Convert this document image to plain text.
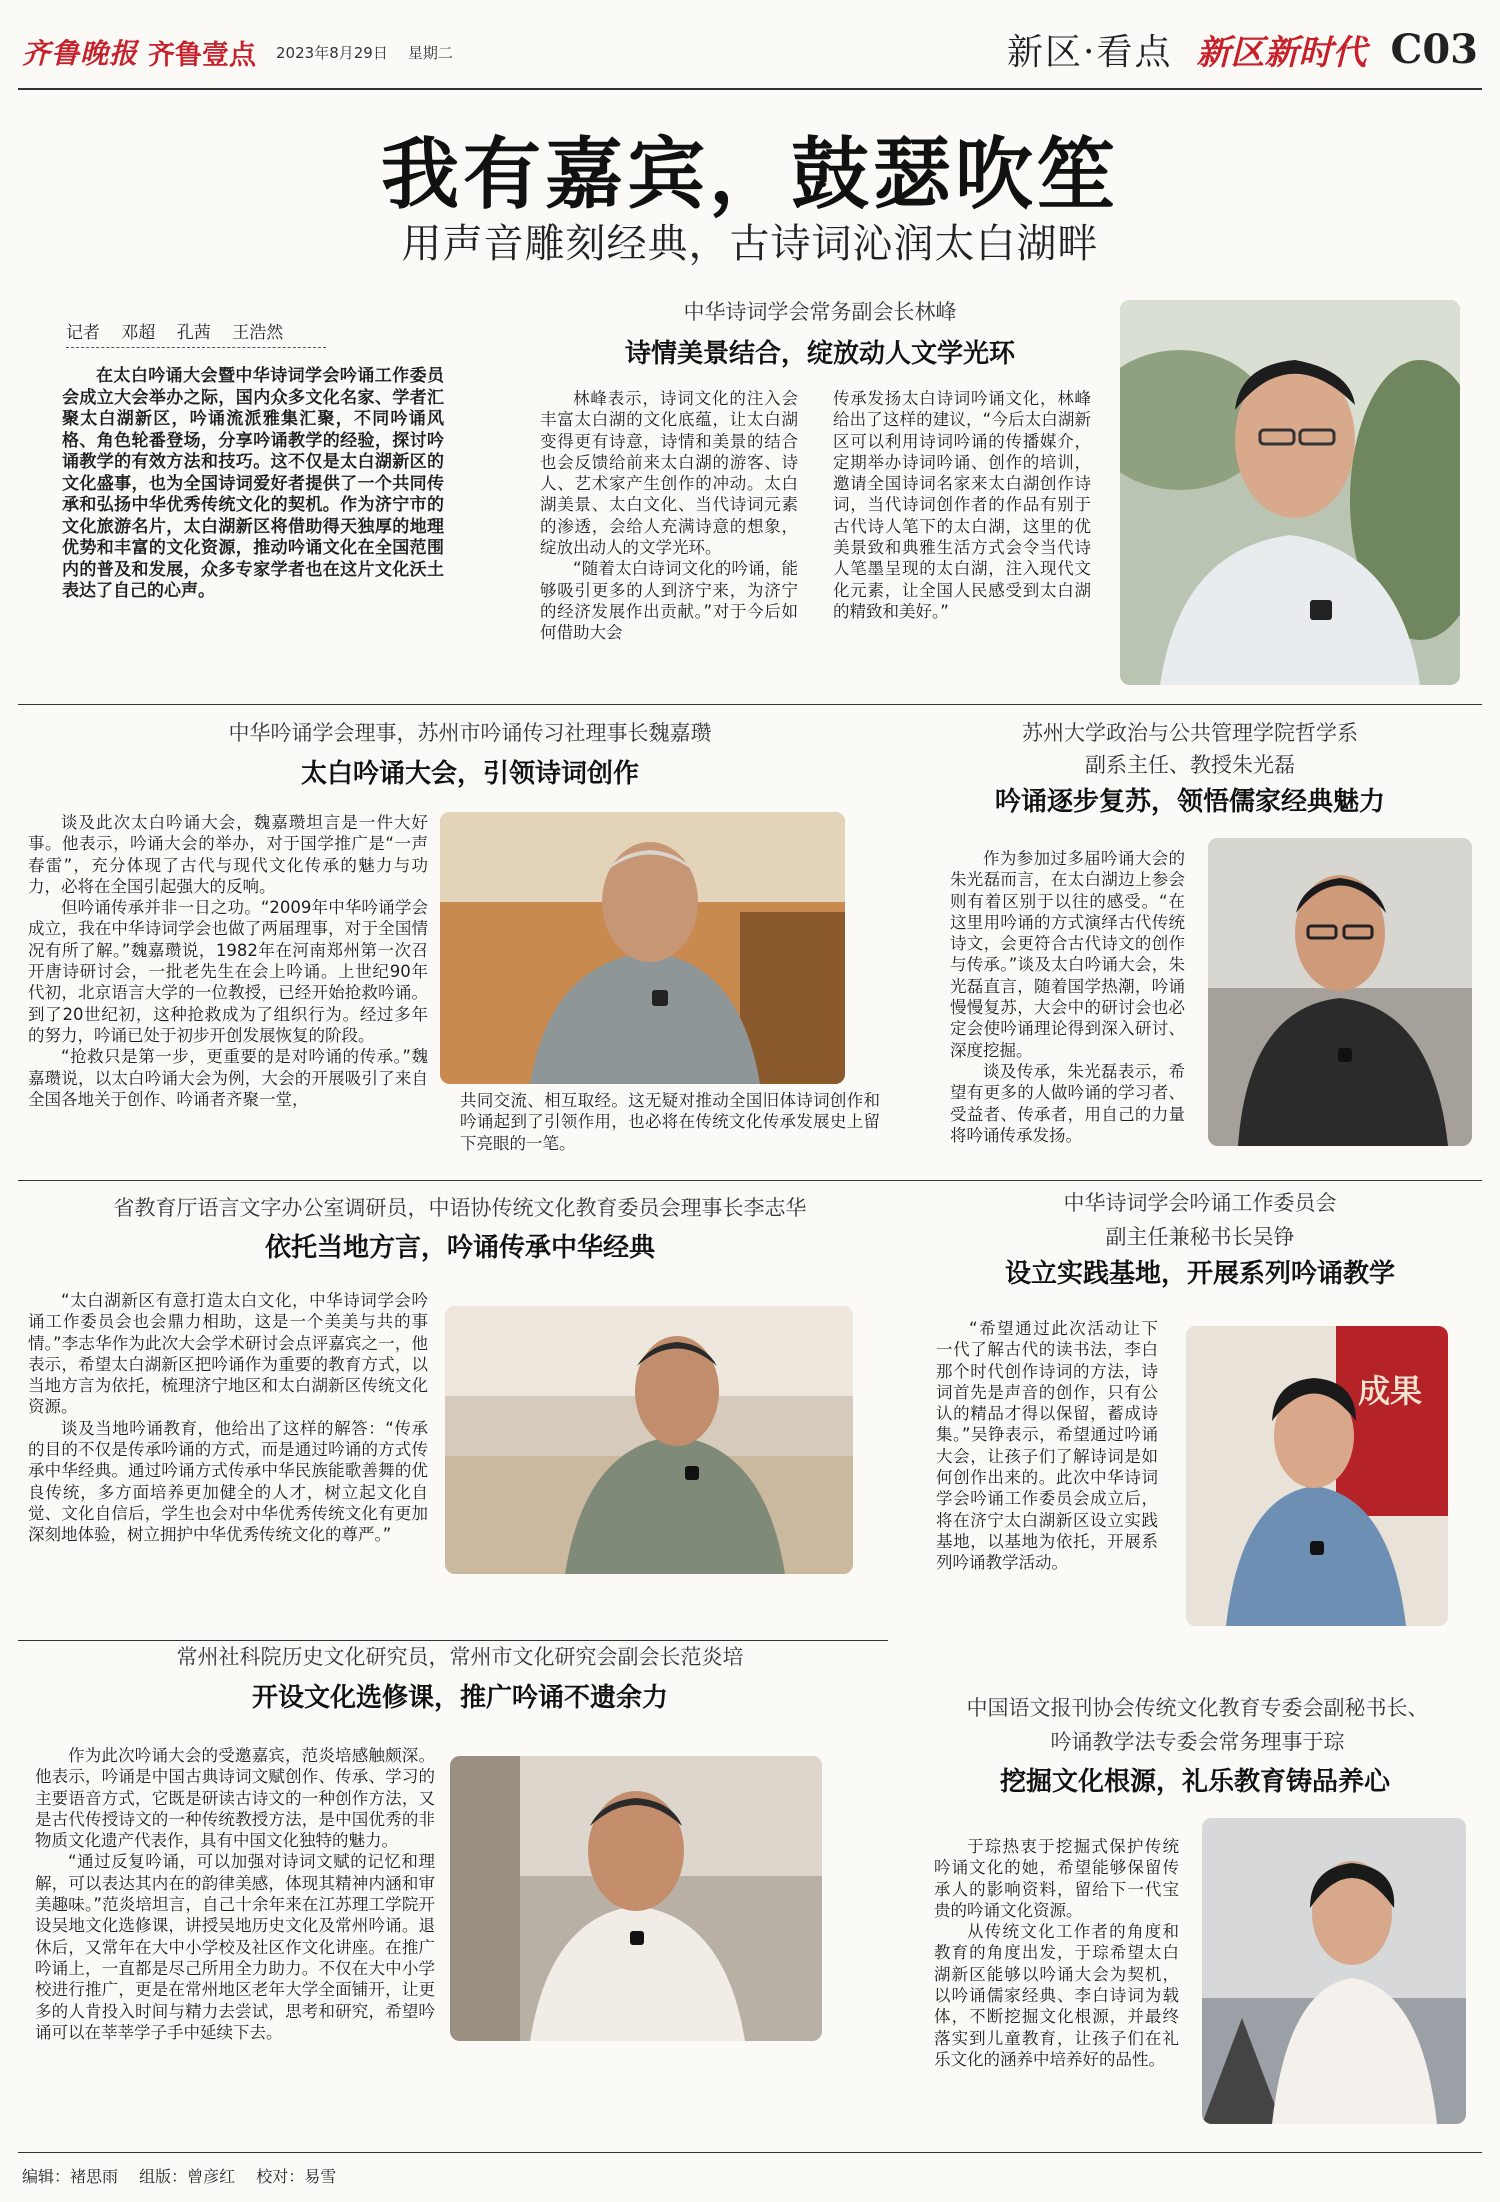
齐鲁晚报 齐鲁壹点 2023年8月29日 星期二	新区·看点 新区新时代 C03
我有嘉宾，鼓瑟吹笙
用声音雕刻经典，古诗词沁润太白湖畔
记者 邓超 孔茜 王浩然
在太白吟诵大会暨中华诗词学会吟诵工作委员会成立大会举办之际，国内众多文化名家、学者汇聚太白湖新区，吟诵流派雅集汇聚，不同吟诵风格、角色轮番登场，分享吟诵教学的经验，探讨吟诵教学的有效方法和技巧。这不仅是太白湖新区的文化盛事，也为全国诗词爱好者提供了一个共同传承和弘扬中华优秀传统文化的契机。作为济宁市的文化旅游名片，太白湖新区将借助得天独厚的地理优势和丰富的文化资源，推动吟诵文化在全国范围内的普及和发展，众多专家学者也在这片文化沃土表达了自己的心声。
中华诗词学会常务副会长林峰
诗情美景结合，绽放动人文学光环

林峰表示，诗词文化的注入会丰富太白湖的文化底蕴，让太白湖变得更有诗意，诗情和美景的结合也会反馈给前来太白湖的游客、诗人、艺术家产生创作的冲动。太白湖美景、太白文化、当代诗词元素的渗透，会给人充满诗意的想象，绽放出动人的文学光环。

“随着太白诗词文化的吟诵，能够吸引更多的人到济宁来，为济宁的经济发展作出贡献。”对于今后如何借助大会

传承发扬太白诗词吟诵文化，林峰给出了这样的建议，“今后太白湖新区可以利用诗词吟诵的传播媒介，定期举办诗词吟诵、创作的培训，邀请全国诗词名家来太白湖创作诗词，当代诗词创作者的作品有别于古代诗人笔下的太白湖，这里的优美景致和典雅生活方式会令当代诗人笔墨呈现的太白湖，注入现代文化元素，让全国人民感受到太白湖的精致和美好。”

中华吟诵学会理事，苏州市吟诵传习社理事长魏嘉瓒
太白吟诵大会，引领诗词创作

谈及此次太白吟诵大会，魏嘉瓒坦言是一件大好事。他表示，吟诵大会的举办，对于国学推广是“一声春雷”，充分体现了古代与现代文化传承的魅力与功力，必将在全国引起强大的反响。

但吟诵传承并非一日之功。“2009年中华吟诵学会成立，我在中华诗词学会也做了两届理事，对于全国情况有所了解。”魏嘉瓒说，1982年在河南郑州第一次召开唐诗研讨会，一批老先生在会上吟诵。上世纪90年代初，北京语言大学的一位教授，已经开始抢救吟诵。到了20世纪初，这种抢救成为了组织行为。经过多年的努力，吟诵已处于初步开创发展恢复的阶段。

“抢救只是第一步，更重要的是对吟诵的传承。”魏嘉瓒说，以太白吟诵大会为例，大会的开展吸引了来自全国各地关于创作、吟诵者齐聚一堂，	共同交流、相互取经。这无疑对推动全国旧体诗词创作和吟诵起到了引领作用，也必将在传统文化传承发展史上留下亮眼的一笔。

苏州大学政治与公共管理学院哲学系
副系主任、教授朱光磊
吟诵逐步复苏，领悟儒家经典魅力

作为参加过多届吟诵大会的朱光磊而言，在太白湖边上参会则有着区别于以往的感受。“在这里用吟诵的方式演绎古代传统诗文，会更符合古代诗文的创作与传承。”谈及太白吟诵大会，朱光磊直言，随着国学热潮，吟诵慢慢复苏，大会中的研讨会也必定会使吟诵理论得到深入研讨、深度挖掘。

谈及传承，朱光磊表示，希望有更多的人做吟诵的学习者、受益者、传承者，用自己的力量将吟诵传承发扬。

省教育厅语言文字办公室调研员，中语协传统文化教育委员会理事长李志华
依托当地方言，吟诵传承中华经典

“太白湖新区有意打造太白文化，中华诗词学会吟诵工作委员会也会鼎力相助，这是一个美美与共的事情。”李志华作为此次大会学术研讨会点评嘉宾之一，他表示，希望太白湖新区把吟诵作为重要的教育方式，以当地方言为依托，梳理济宁地区和太白湖新区传统文化资源。

谈及当地吟诵教育，他给出了这样的解答：“传承的目的不仅是传承吟诵的方式，而是通过吟诵的方式传承中华经典。通过吟诵方式传承中华民族能歌善舞的优良传统，多方面培养更加健全的人才，树立起文化自觉、文化自信后，学生也会对中华优秀传统文化有更加深刻地体验，树立拥护中华优秀传统文化的尊严。”

中华诗词学会吟诵工作委员会
副主任兼秘书长吴铮
设立实践基地，开展系列吟诵教学

“希望通过此次活动让下一代了解古代的读书法，李白那个时代创作诗词的方法，诗词首先是声音的创作，只有公认的精品才得以保留，蓄成诗集。”吴铮表示，希望通过吟诵大会，让孩子们了解诗词是如何创作出来的。此次中华诗词学会吟诵工作委员会成立后，将在济宁太白湖新区设立实践基地，以基地为依托，开展系列吟诵教学活动。

成果
常州社科院历史文化研究员，常州市文化研究会副会长范炎培
开设文化选修课，推广吟诵不遗余力

作为此次吟诵大会的受邀嘉宾，范炎培感触颇深。他表示，吟诵是中国古典诗词文赋创作、传承、学习的主要语音方式，它既是研读古诗文的一种创作方法，又是古代传授诗文的一种传统教授方法，是中国优秀的非物质文化遗产代表作，具有中国文化独特的魅力。

“通过反复吟诵，可以加强对诗词文赋的记忆和理解，可以表达其内在的韵律美感，体现其精神内涵和审美趣味。”范炎培坦言，自己十余年来在江苏理工学院开设吴地文化选修课，讲授吴地历史文化及常州吟诵。退休后，又常年在大中小学校及社区作文化讲座。在推广吟诵上，一直都是尽己所用全力助力。不仅在大中小学校进行推广，更是在常州地区老年大学全面铺开，让更多的人肯投入时间与精力去尝试，思考和研究，希望吟诵可以在莘莘学子手中延续下去。

中国语文报刊协会传统文化教育专委会副秘书长、
吟诵教学法专委会常务理事于琮
挖掘文化根源，礼乐教育铸品养心

于琮热衷于挖掘式保护传统吟诵文化的她，希望能够保留传承人的影响资料，留给下一代宝贵的吟诵文化资源。

从传统文化工作者的角度和教育的角度出发，于琮希望太白湖新区能够以吟诵大会为契机，以吟诵儒家经典、李白诗词为载体，不断挖掘文化根源，并最终落实到儿童教育，让孩子们在礼乐文化的涵养中培养好的品性。

编辑：褚思雨 组版：曾彦红 校对：易雪
